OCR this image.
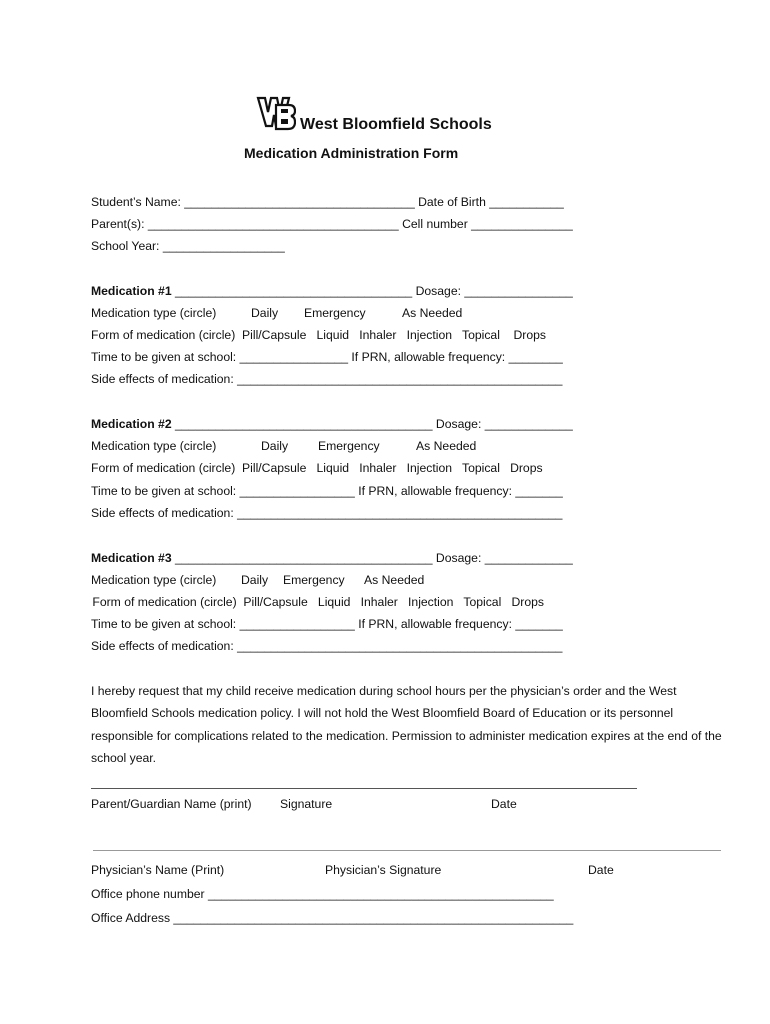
West Bloomfield Schools
Medication Administration Form
Student’s Name: __________________________________ Date of Birth ___________
Parent(s): _____________________________________ Cell number _______________
School Year: __________________
Medication #1 ___________________________________ Dosage: ________________
Medication type (circle)	Daily Emergency	As Needed
Form of medication (circle)  Pill/Capsule   Liquid   Inhaler   Injection   Topical    Drops
Time to be given at school: ________________ If PRN, allowable frequency: ________
Side effects of medication: ________________________________________________
Medication #2 ______________________________________ Dosage: _____________
Medication type (circle)	Daily Emergency	As Needed
Form of medication (circle)  Pill/Capsule   Liquid   Inhaler   Injection   Topical   Drops
Time to be given at school: _________________ If PRN, allowable frequency: _______
Side effects of medication: ________________________________________________
Medication #3 ______________________________________ Dosage: _____________
Medication type (circle) Daily Emergency As Needed
Form of medication (circle)  Pill/Capsule   Liquid   Inhaler   Injection   Topical   Drops
Time to be given at school: _________________ If PRN, allowable frequency: _______
Side effects of medication: ________________________________________________
I hereby request that my child receive medication during school hours per the physician’s order and the West Bloomfield Schools medication policy. I will not hold the West Bloomfield Board of Education or its personnel responsible for complications related to the medication. Permission to administer medication expires at the end of the school year.
Parent/Guardian Name (print) Signature	Date
Physician’s Name (Print)	Physician’s Signature	Date
Office phone number ___________________________________________________
Office Address ___________________________________________________________
